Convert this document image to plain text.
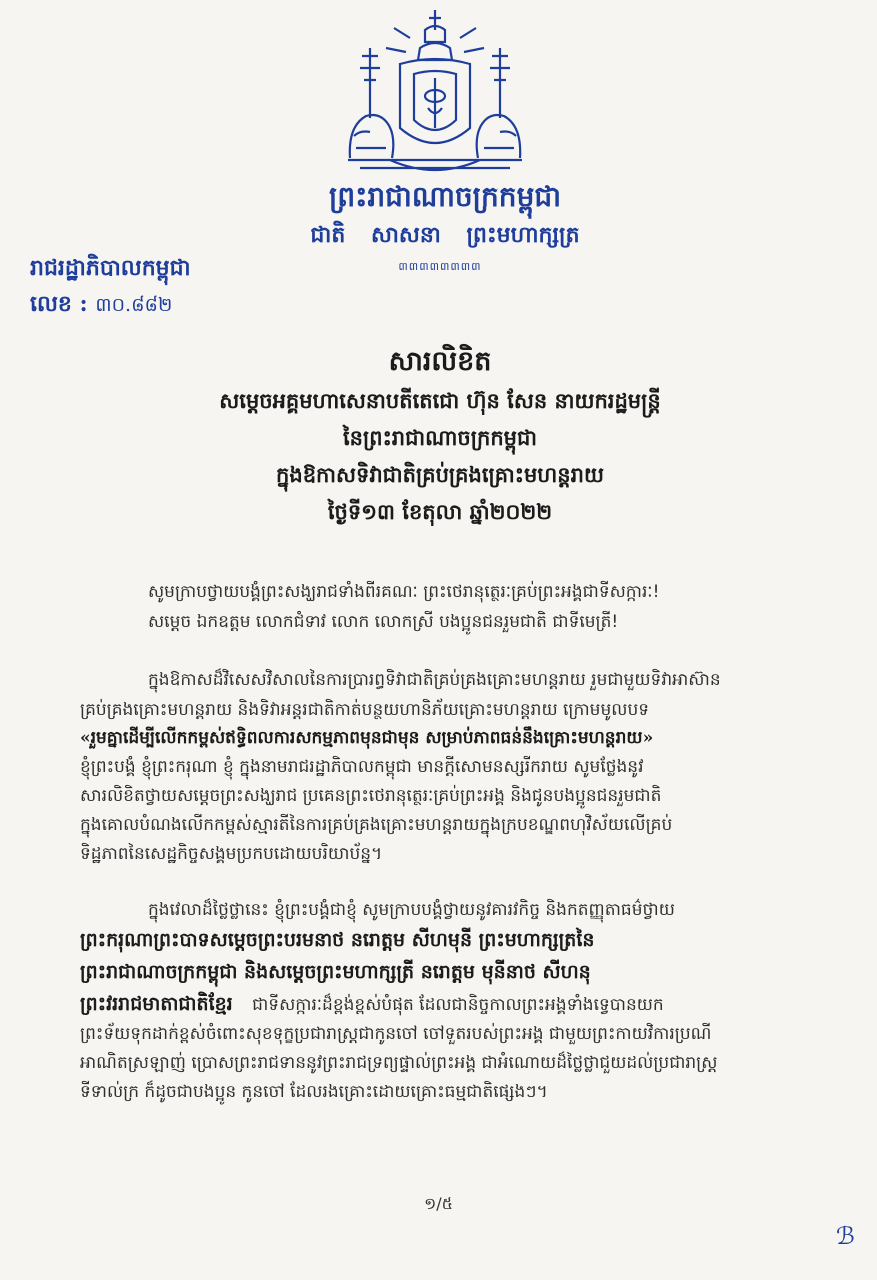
ព្រះរាជាណាចក្រកម្ពុជា
ជាតិ សាសនា ព្រះមហាក្សត្រ
៣៣៣៣៣៣៣៣
រាជរដ្ឋាភិបាលកម្ពុជា
លេខ : ៣០.៨៨២
សារលិខិត
សម្តេចអគ្គមហាសេនាបតីតេជោ ហ៊ុន សែន នាយករដ្ឋមន្ត្រី
នៃព្រះរាជាណាចក្រកម្ពុជា
ក្នុងឱកាសទិវាជាតិគ្រប់គ្រងគ្រោះមហន្តរាយ
ថ្ងៃទី១៣ ខែតុលា ឆ្នាំ២០២២
សូមក្រាបថ្វាយបង្គំព្រះសង្ឃរាជទាំងពីរគណៈ ព្រះថេរានុត្ថេរៈគ្រប់ព្រះអង្គជាទីសក្ការៈ!
សម្តេច ឯកឧត្តម លោកជំទាវ លោក លោកស្រី បងប្អូនជនរួមជាតិ ជាទីមេត្រី!
ក្នុងឱកាសដ៏វិសេសវិសាលនៃការប្រារព្ធទិវាជាតិគ្រប់គ្រងគ្រោះមហន្តរាយ រួមជាមួយទិវាអាស៊ាន
គ្រប់គ្រងគ្រោះមហន្តរាយ និងទិវាអន្តរជាតិកាត់បន្ថយហានិភ័យគ្រោះមហន្តរាយ ក្រោមមូលបទ
«រួមគ្នាដើម្បីលើកកម្ពស់ឥទ្ធិពលការសកម្មភាពមុនជាមុន សម្រាប់ភាពធន់នឹងគ្រោះមហន្តរាយ»
ខ្ញុំព្រះបង្គំ ខ្ញុំព្រះករុណា ខ្ញុំ ក្នុងនាមរាជរដ្ឋាភិបាលកម្ពុជា មានក្តីសោមនស្សរីករាយ សូមថ្លែងនូវ
សារលិខិតថ្វាយសម្តេចព្រះសង្ឃរាជ ប្រគេនព្រះថេរានុត្ថេរៈគ្រប់ព្រះអង្គ និងជូនបងប្អូនជនរួមជាតិ
ក្នុងគោលបំណងលើកកម្ពស់ស្មារតីនៃការគ្រប់គ្រងគ្រោះមហន្តរាយក្នុងក្របខណ្ឌពហុវិស័យលើគ្រប់
ទិដ្ឋភាពនៃសេដ្ឋកិច្ចសង្គមប្រកបដោយបរិយាប័ន្ន។
ក្នុងវេលាដ៏ថ្លៃថ្លានេះ ខ្ញុំព្រះបង្គំជាខ្ញុំ សូមក្រាបបង្គំថ្វាយនូវគារវកិច្ច និងកតញ្ញុតាធម៌ថ្វាយ
ព្រះករុណាព្រះបាទសម្តេចព្រះបរមនាថ នរោត្តម សីហមុនី ព្រះមហាក្សត្រនៃ
ព្រះរាជាណាចក្រកម្ពុជា និងសម្តេចព្រះមហាក្សត្រី នរោត្តម មុនីនាថ សីហនុ
ព្រះវររាជមាតាជាតិខ្មែរ ជាទីសក្ការៈដ៏ខ្ពង់ខ្ពស់បំផុត ដែលជានិច្ចកាលព្រះអង្គទាំងទ្វេបានយក
ព្រះទ័យទុកដាក់ខ្ពស់ចំពោះសុខទុក្ខប្រជារាស្ត្រជាកូនចៅ ចៅទួតរបស់ព្រះអង្គ ជាមួយព្រះកាយវិការប្រណី
អាណិតស្រឡាញ់ ប្រោសព្រះរាជទាននូវព្រះរាជទ្រព្យផ្ទាល់ព្រះអង្គ ជាអំណោយដ៏ថ្លៃថ្លាជួយដល់ប្រជារាស្ត្រ
ទីទាល់ក្រ ក៏ដូចជាបងប្អូន កូនចៅ ដែលរងគ្រោះដោយគ្រោះធម្មជាតិផ្សេងៗ។
១/៥
ℬ
